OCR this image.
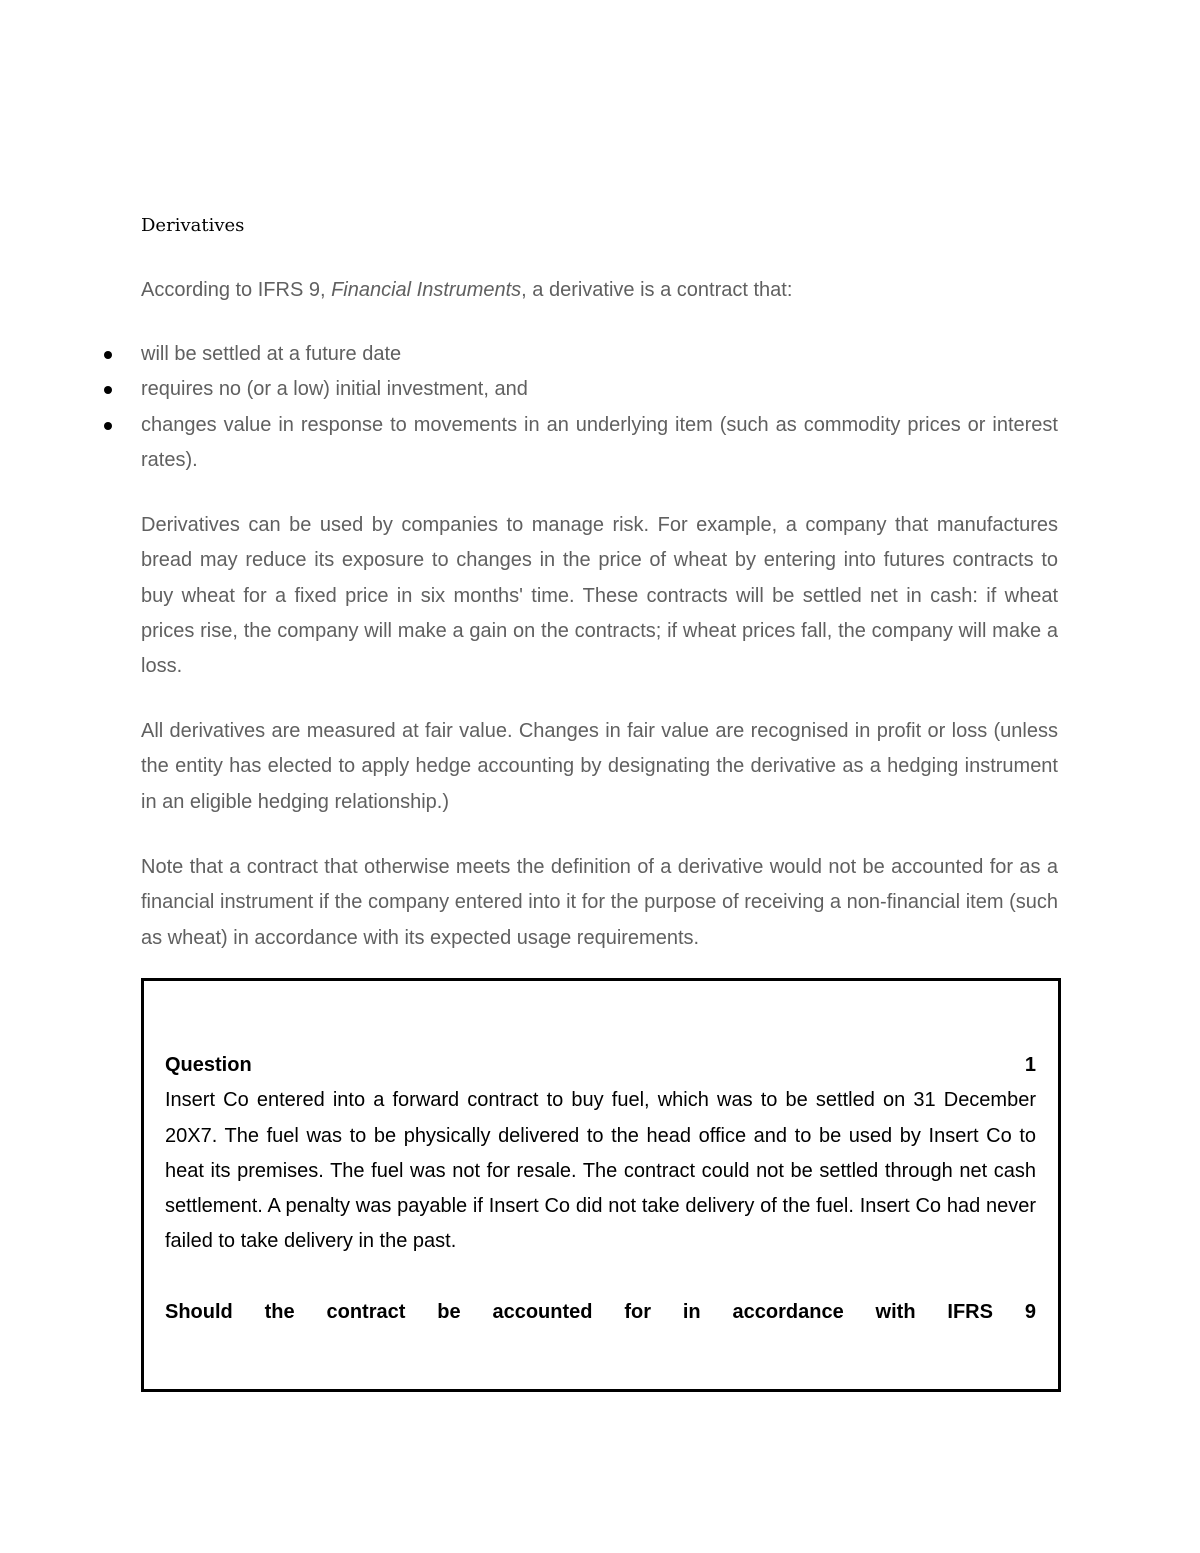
Derivatives

According to IFRS 9, Financial Instruments, a derivative is a contract that:

will be settled at a future date
requires no (or a low) initial investment, and
changes value in response to movements in an underlying item (such as commodity prices or interest rates).

Derivatives can be used by companies to manage risk. For example, a company that manufactures bread may reduce its exposure to changes in the price of wheat by entering into futures contracts to buy wheat for a fixed price in six months' time. These contracts will be settled net in cash: if wheat prices rise, the company will make a gain on the contracts; if wheat prices fall, the company will make a loss.

All derivatives are measured at fair value. Changes in fair value are recognised in profit or loss (unless the entity has elected to apply hedge accounting by designating the derivative as a hedging instrument in an eligible hedging relationship.)

Note that a contract that otherwise meets the definition of a derivative would not be accounted for as a financial instrument if the company entered into it for the purpose of receiving a non-financial item (such as wheat) in accordance with its expected usage requirements.

Question	1

Insert Co entered into a forward contract to buy fuel, which was to be settled on 31 December 20X7. The fuel was to be physically delivered to the head office and to be used by Insert Co to heat its premises. The fuel was not for resale. The contract could not be settled through net cash settlement. A penalty was payable if Insert Co did not take delivery of the fuel. Insert Co had never failed to take delivery in the past.

Should the contract be accounted for in accordance with IFRS 9
